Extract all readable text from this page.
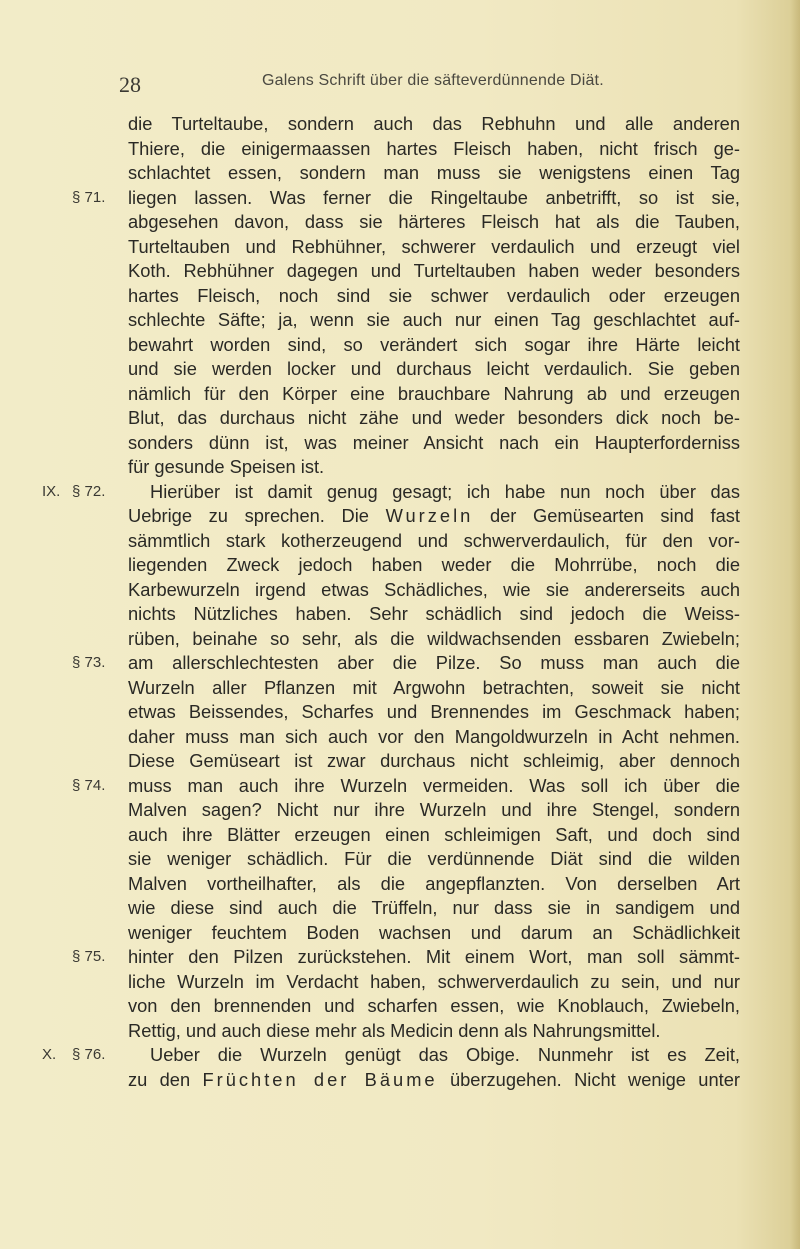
28	Galens Schrift über die säfteverdünnende Diät.
die Turteltaube, sondern auch das Rebhuhn und alle anderen
Thiere, die einigermaassen hartes Fleisch haben, nicht frisch ge-
schlachtet essen, sondern man muss sie wenigstens einen Tag
§ 71. liegen lassen. Was ferner die Ringeltaube anbetrifft, so ist sie,
abgesehen davon, dass sie härteres Fleisch hat als die Tauben,
Turteltauben und Rebhühner, schwerer verdaulich und erzeugt viel
Koth. Rebhühner dagegen und Turteltauben haben weder besonders
hartes Fleisch, noch sind sie schwer verdaulich oder erzeugen
schlechte Säfte; ja, wenn sie auch nur einen Tag geschlachtet auf-
bewahrt worden sind, so verändert sich sogar ihre Härte leicht
und sie werden locker und durchaus leicht verdaulich. Sie geben
nämlich für den Körper eine brauchbare Nahrung ab und erzeugen
Blut, das durchaus nicht zähe und weder besonders dick noch be-
sonders dünn ist, was meiner Ansicht nach ein Haupterforderniss
für gesunde Speisen ist.
IX. § 72.	Hierüber ist damit genug gesagt; ich habe nun noch über das
Uebrige zu sprechen. Die Wurzeln der Gemüsearten sind fast
sämmtlich stark kotherzeugend und schwerverdaulich, für den vor-
liegenden Zweck jedoch haben weder die Mohrrübe, noch die
Karbewurzeln irgend etwas Schädliches, wie sie andererseits auch
nichts Nützliches haben. Sehr schädlich sind jedoch die Weiss-
rüben, beinahe so sehr, als die wildwachsenden essbaren Zwiebeln;
§ 73. am allerschlechtesten aber die Pilze. So muss man auch die
Wurzeln aller Pflanzen mit Argwohn betrachten, soweit sie nicht
etwas Beissendes, Scharfes und Brennendes im Geschmack haben;
daher muss man sich auch vor den Mangoldwurzeln in Acht nehmen.
Diese Gemüseart ist zwar durchaus nicht schleimig, aber dennoch
§ 74. muss man auch ihre Wurzeln vermeiden. Was soll ich über die
Malven sagen? Nicht nur ihre Wurzeln und ihre Stengel, sondern
auch ihre Blätter erzeugen einen schleimigen Saft, und doch sind
sie weniger schädlich. Für die verdünnende Diät sind die wilden
Malven vortheilhafter, als die angepflanzten. Von derselben Art
wie diese sind auch die Trüffeln, nur dass sie in sandigem und
weniger feuchtem Boden wachsen und darum an Schädlichkeit
§ 75. hinter den Pilzen zurückstehen. Mit einem Wort, man soll sämmt-
liche Wurzeln im Verdacht haben, schwerverdaulich zu sein, und nur
von den brennenden und scharfen essen, wie Knoblauch, Zwiebeln,
Rettig, und auch diese mehr als Medicin denn als Nahrungsmittel.
X. § 76.	Ueber die Wurzeln genügt das Obige. Nunmehr ist es Zeit,
zu den Früchten der Bäume überzugehen. Nicht wenige unter
